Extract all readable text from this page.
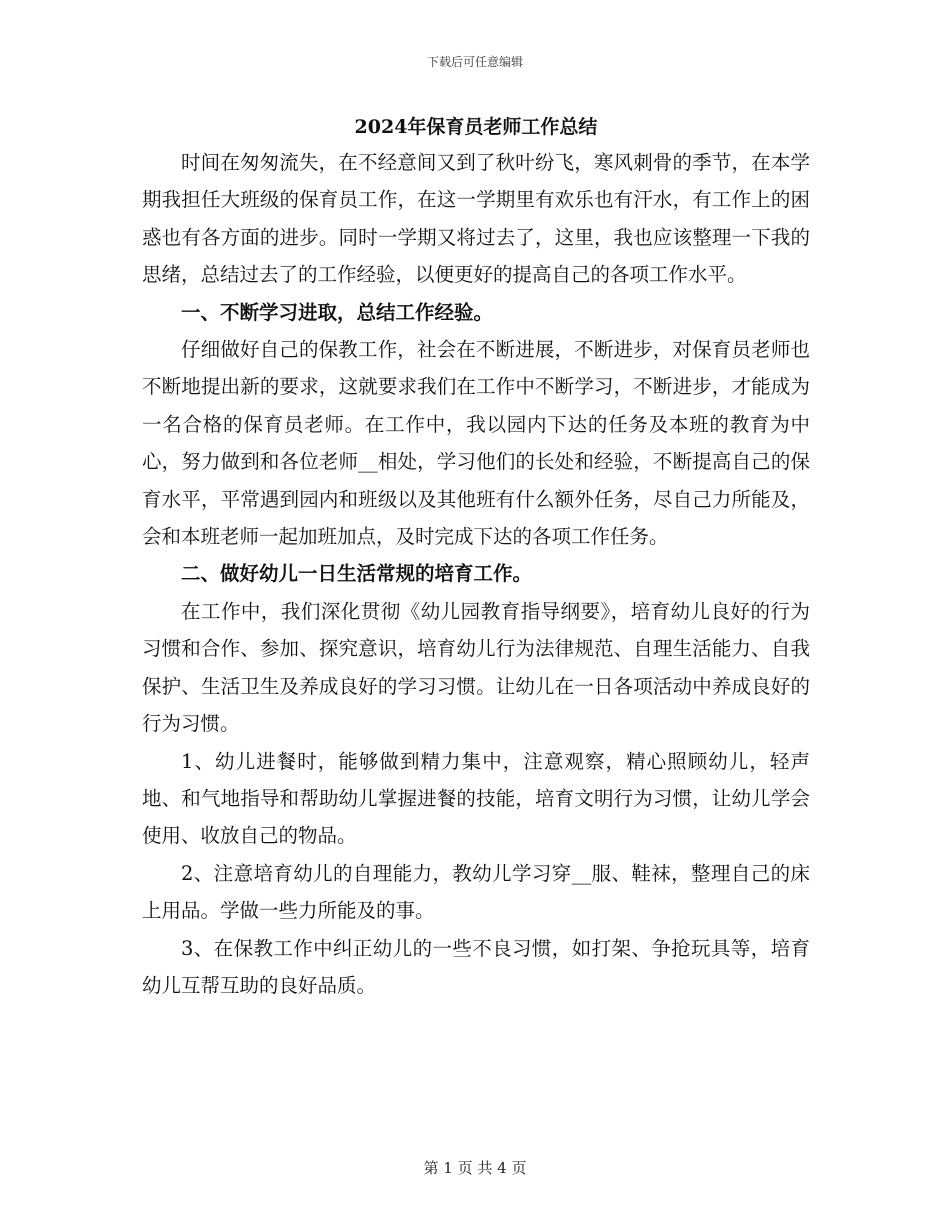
下载后可任意编辑
2024年保育员老师工作总结

时间在匆匆流失，在不经意间又到了秋叶纷飞，寒风刺骨的季节，在本学期我担任大班级的保育员工作，在这一学期里有欢乐也有汗水，有工作上的困惑也有各方面的进步。同时一学期又将过去了，这里，我也应该整理一下我的思绪，总结过去了的工作经验，以便更好的提高自己的各项工作水平。

一、不断学习进取，总结工作经验。

仔细做好自己的保教工作，社会在不断进展，不断进步，对保育员老师也不断地提出新的要求，这就要求我们在工作中不断学习，不断进步，才能成为一名合格的保育员老师。在工作中，我以园内下达的任务及本班的教育为中心，努力做到和各位老师__相处，学习他们的长处和经验，不断提高自己的保育水平，平常遇到园内和班级以及其他班有什么额外任务，尽自己力所能及，会和本班老师一起加班加点，及时完成下达的各项工作任务。

二、做好幼儿一日生活常规的培育工作。

在工作中，我们深化贯彻《幼儿园教育指导纲要》，培育幼儿良好的行为习惯和合作、参加、探究意识，培育幼儿行为法律规范、自理生活能力、自我保护、生活卫生及养成良好的学习习惯。让幼儿在一日各项活动中养成良好的行为习惯。

1、幼儿进餐时，能够做到精力集中，注意观察，精心照顾幼儿，轻声地、和气地指导和帮助幼儿掌握进餐的技能，培育文明行为习惯，让幼儿学会使用、收放自己的物品。

2、注意培育幼儿的自理能力，教幼儿学习穿__服、鞋袜，整理自己的床上用品。学做一些力所能及的事。

3、在保教工作中纠正幼儿的一些不良习惯，如打架、争抢玩具等，培育幼儿互帮互助的良好品质。

第 1 页 共 4 页
